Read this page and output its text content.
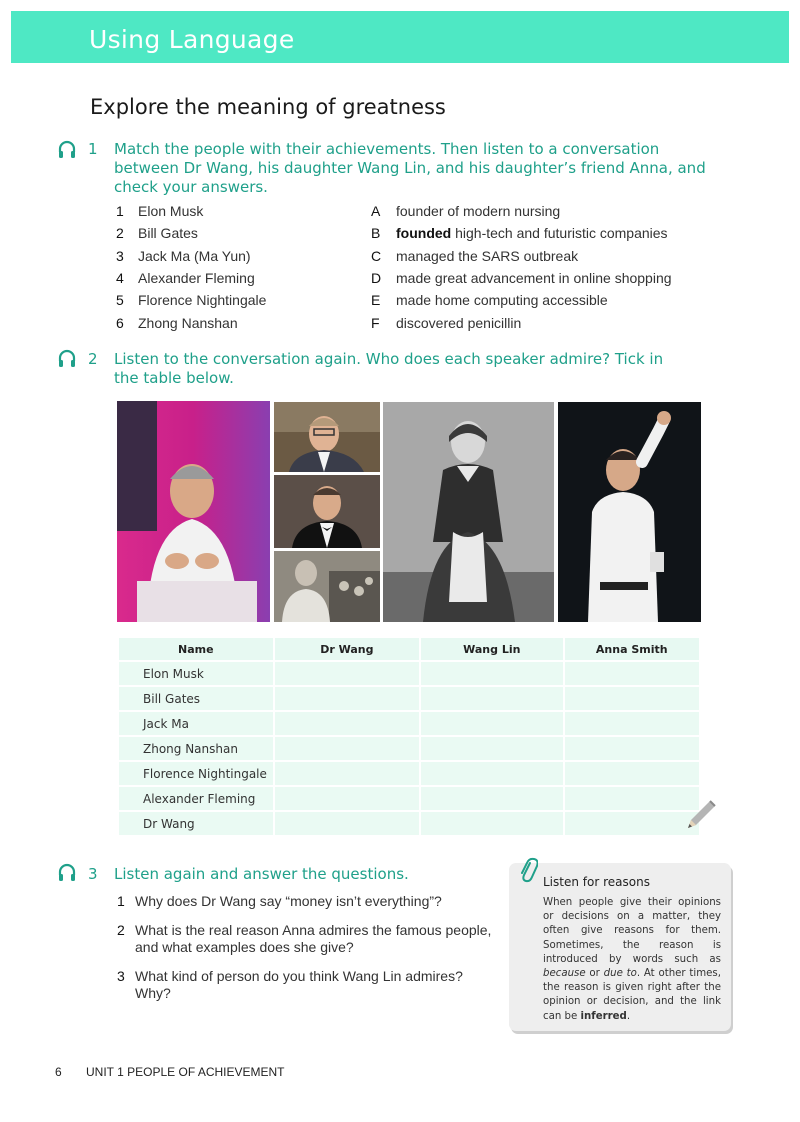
Using Language
Explore the meaning of greatness
1 Match the people with their achievements. Then listen to a conversation between Dr Wang, his daughter Wang Lin, and his daughter’s friend Anna, and check your answers.
1	Elon Musk
2	Bill Gates
3	Jack Ma (Ma Yun)
4	Alexander Fleming
5	Florence Nightingale
6	Zhong Nanshan
A	founder of modern nursing
B	founded high-tech and futuristic companies
C	managed the SARS outbreak
D	made great advancement in online shopping
E	made home computing accessible
F	discovered penicillin
2 Listen to the conversation again. Who does each speaker admire? Tick in the table below.
Name	Dr Wang	Wang Lin	Anna Smith
Elon Musk			
Bill Gates			
Jack Ma			
Zhong Nanshan			
Florence Nightingale			
Alexander Fleming			
Dr Wang			
3 Listen again and answer the questions.
1 Why does Dr Wang say “money isn’t everything”?
2 What is the real reason Anna admires the famous people, and what examples does she give?
3 What kind of person do you think Wang Lin admires? Why?
Listen for reasons
When people give their opinions or decisions on a matter, they often give reasons for them. Sometimes, the reason is introduced by words such as because or due to. At other times, the reason is given right after the opinion or decision, and the link can be inferred.
6 UNIT 1 PEOPLE OF ACHIEVEMENT
